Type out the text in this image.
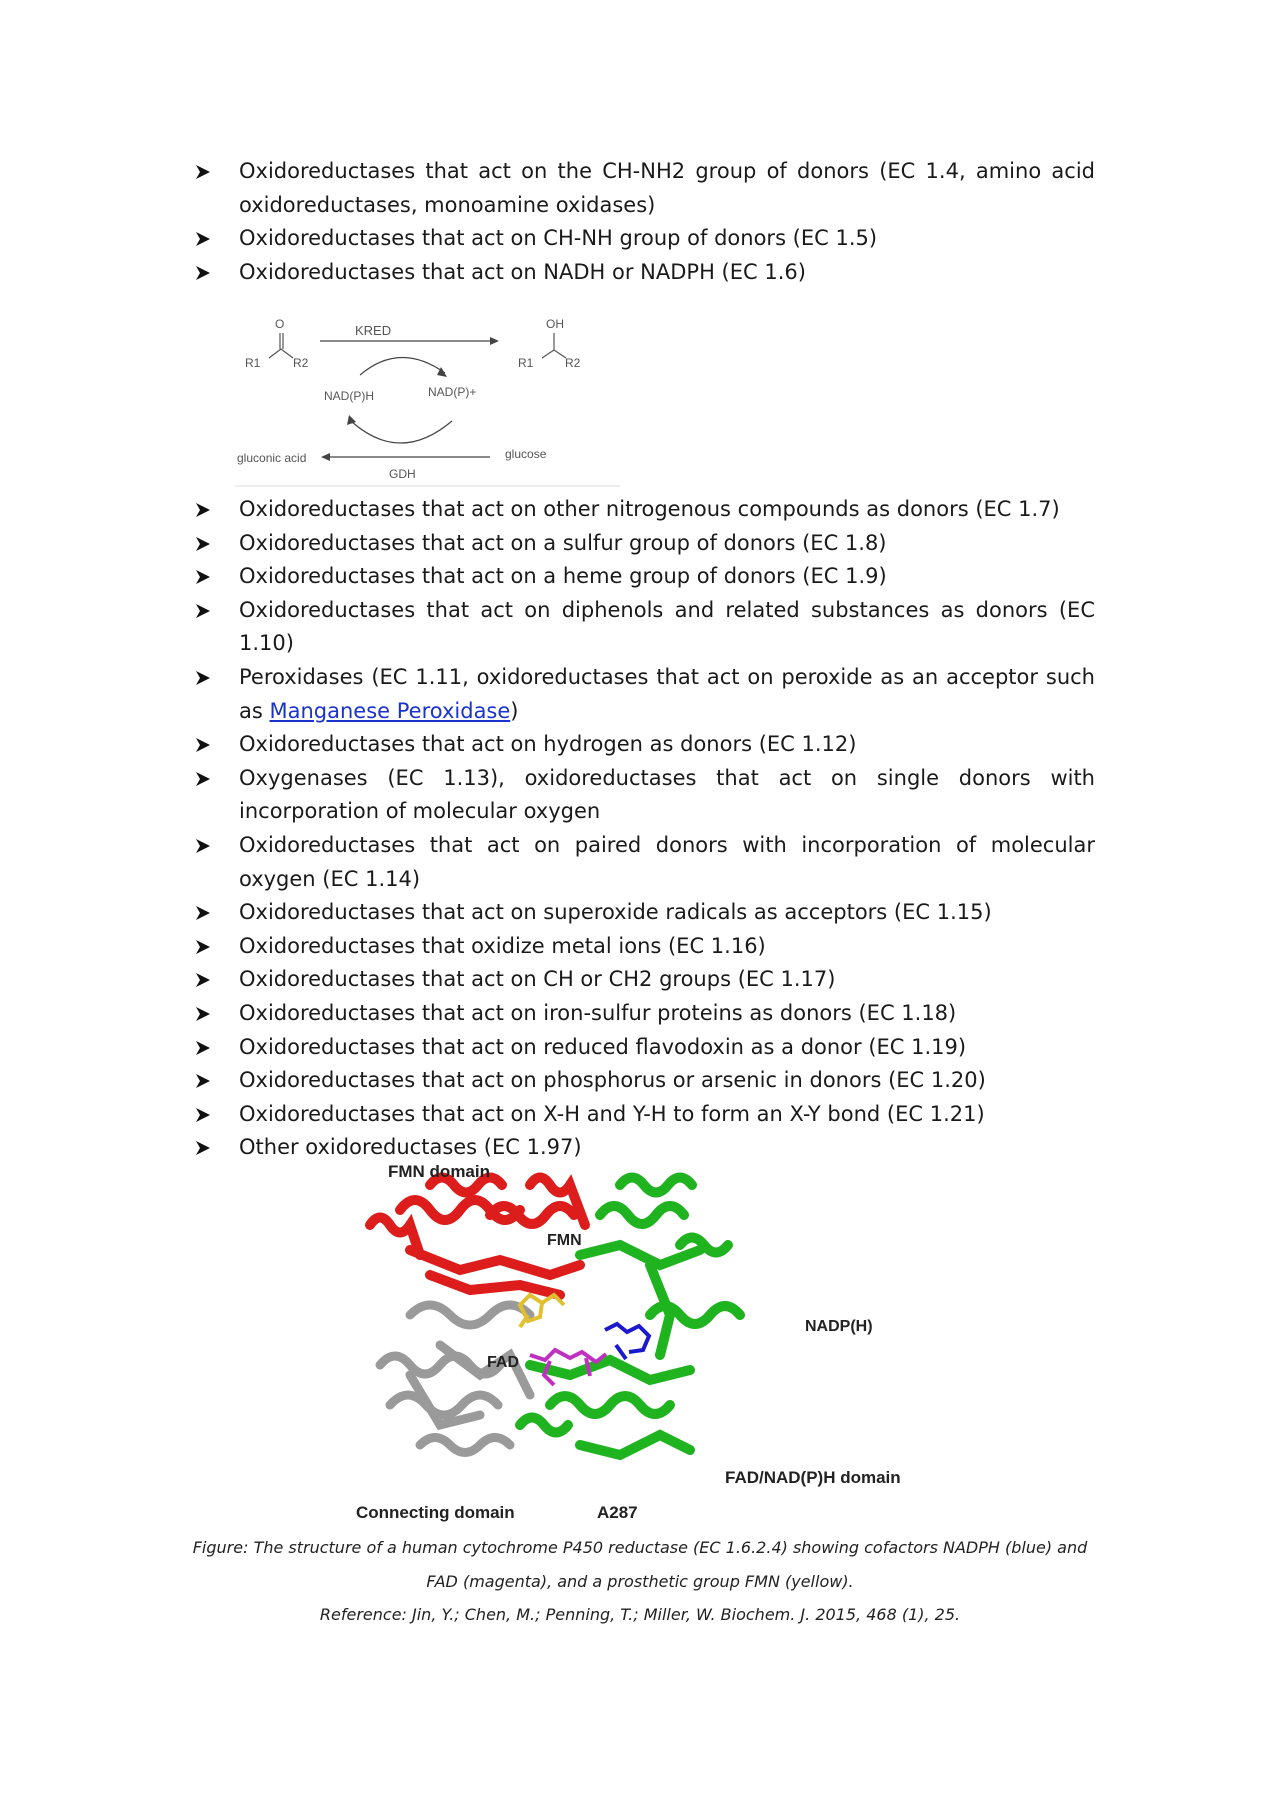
Oxidoreductases that act on the CH-NH2 group of donors (EC 1.4, amino acid oxidoreductases, monoamine oxidases)
Oxidoreductases that act on CH-NH group of donors (EC 1.5)
Oxidoreductases that act on NADH or NADPH (EC 1.6)
O
R1	R2
KRED	OH
R1	R2
NAD(P)H	NAD(P)+
gluconic acid	glucose
GDH
Oxidoreductases that act on other nitrogenous compounds as donors (EC 1.7)
Oxidoreductases that act on a sulfur group of donors (EC 1.8)
Oxidoreductases that act on a heme group of donors (EC 1.9)
Oxidoreductases that act on diphenols and related substances as donors (EC 1.10)
Peroxidases (EC 1.11, oxidoreductases that act on peroxide as an acceptor such as Manganese Peroxidase)
Oxidoreductases that act on hydrogen as donors (EC 1.12)
Oxygenases (EC 1.13), oxidoreductases that act on single donors with incorporation of molecular oxygen
Oxidoreductases that act on paired donors with incorporation of molecular oxygen (EC 1.14)
Oxidoreductases that act on superoxide radicals as acceptors (EC 1.15)
Oxidoreductases that oxidize metal ions (EC 1.16)
Oxidoreductases that act on CH or CH2 groups (EC 1.17)
Oxidoreductases that act on iron-sulfur proteins as donors (EC 1.18)
Oxidoreductases that act on reduced flavodoxin as a donor (EC 1.19)
Oxidoreductases that act on phosphorus or arsenic in donors (EC 1.20)
Oxidoreductases that act on X-H and Y-H to form an X-Y bond (EC 1.21)
Other oxidoreductases (EC 1.97)
FMN domain
FMN
NADP(H)
FAD
FAD/NAD(P)H domain
Connecting domain	A287
Figure: The structure of a human cytochrome P450 reductase (EC 1.6.2.4) showing cofactors NADPH (blue) and
FAD (magenta), and a prosthetic group FMN (yellow).
Reference: Jin, Y.; Chen, M.; Penning, T.; Miller, W. Biochem. J. 2015, 468 (1), 25.
